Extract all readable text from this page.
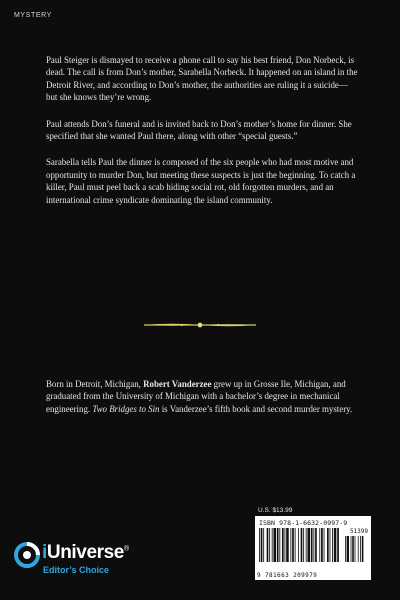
MYSTERY

Paul Steiger is dismayed to receive a phone call to say his best friend, Don Norbeck, is dead. The call is from Don’s mother, Sarabella Norbeck. It happened on an island in the Detroit River, and according to Don’s mother, the authorities are ruling it a suicide—but she knows they’re wrong.

Paul attends Don’s funeral and is invited back to Don’s mother’s home for dinner. She specified that she wanted Paul there, along with other “special guests.”

Sarabella tells Paul the dinner is composed of the six people who had most motive and opportunity to murder Don, but meeting these suspects is just the beginning. To catch a killer, Paul must peel back a scab hiding social rot, old forgotten murders, and an international crime syndicate dominating the island community.

Born in Detroit, Michigan, Robert Vanderzee grew up in Grosse Ile, Michigan, and graduated from the University of Michigan with a bachelor’s degree in mechanical engineering. Two Bridges to Sin is Vanderzee’s fifth book and second murder mystery.

U.S. $13.99
ISBN 978-1-6632-0997-9
51399
9 781663 209979
iUniverse®
Editor’s Choice
